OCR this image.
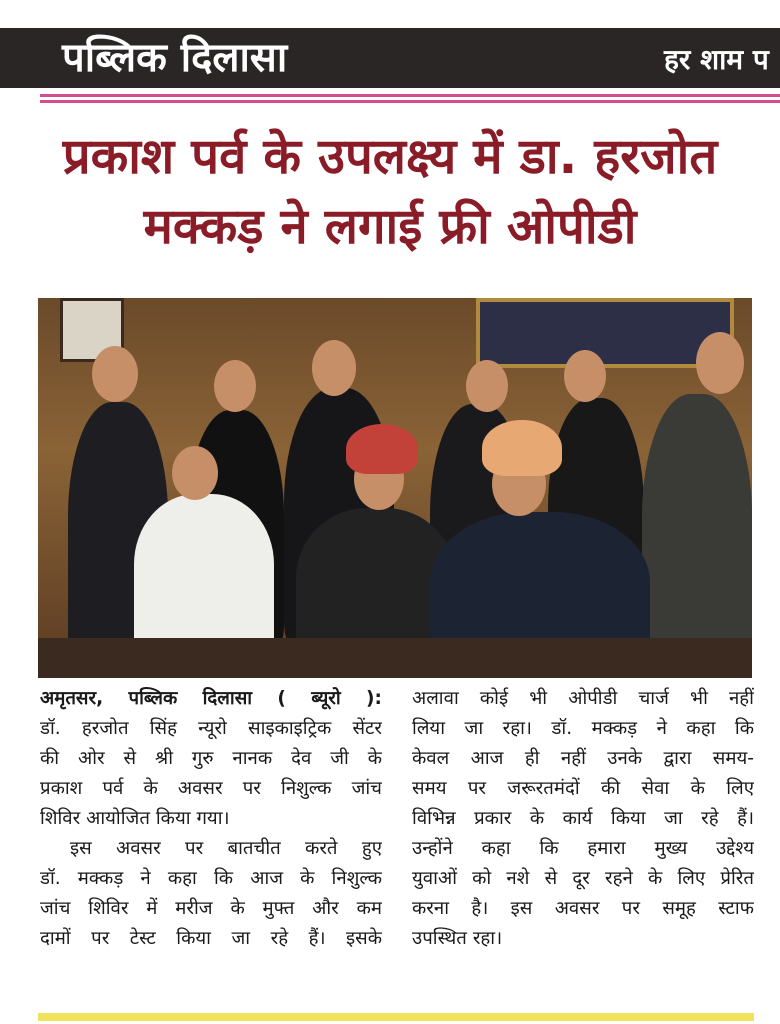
पब्लिक दिलासा	हर शाम प
प्रकाश पर्व के उपलक्ष्य में डा. हरजोत
मक्कड़ ने लगाई फ्री ओपीडी
अमृतसर, पब्लिक दिलासा ( ब्यूरो ):
डॉ. हरजोत सिंह न्यूरो साइकाइट्रिक सेंटर
की ओर से श्री गुरु नानक देव जी के
प्रकाश पर्व के अवसर पर निशुल्क जांच
शिविर आयोजित किया गया।
इस अवसर पर बातचीत करते हुए
डॉ. मक्कड़ ने कहा कि आज के निशुल्क
जांच शिविर में मरीज के मुफ्त और कम
दामों पर टेस्ट किया जा रहे हैं। इसके
अलावा कोई भी ओपीडी चार्ज भी नहीं
लिया जा रहा। डॉ. मक्कड़ ने कहा कि
केवल आज ही नहीं उनके द्वारा समय-
समय पर जरूरतमंदों की सेवा के लिए
विभिन्न प्रकार के कार्य किया जा रहे हैं।
उन्होंने कहा कि हमारा मुख्य उद्देश्य
युवाओं को नशे से दूर रहने के लिए प्रेरित
करना है। इस अवसर पर समूह स्टाफ
उपस्थित रहा।
